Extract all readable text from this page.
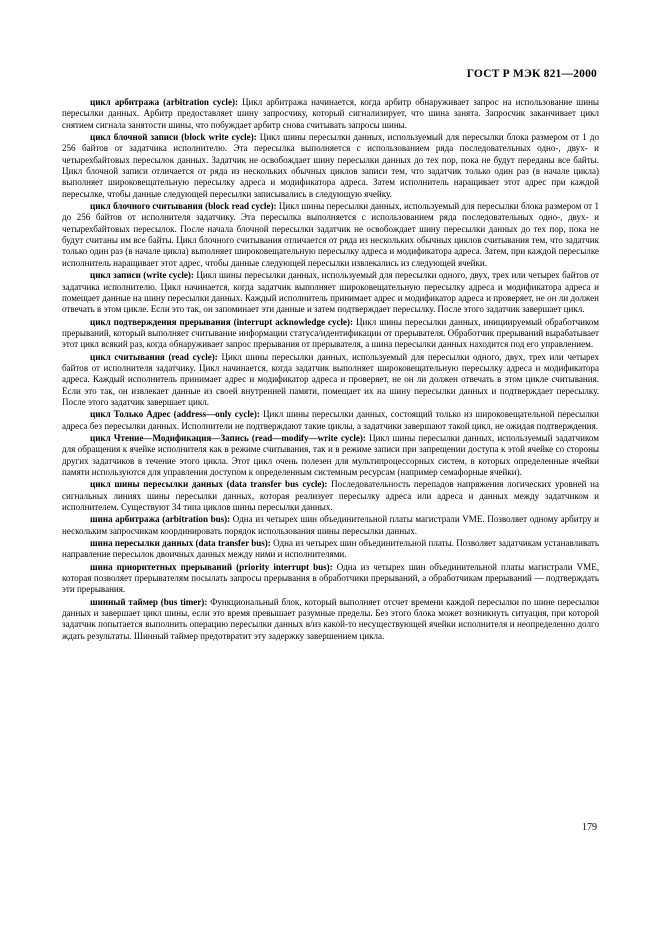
ГОСТ Р МЭК 821—2000

цикл арбитража (arbitration cycle): Цикл арбитража начинается, когда арбитр обнаруживает запрос на использование шины пересылки данных. Арбитр предоставляет шину запросчику, который сигнализирует, что шина занята. Запросчик заканчивает цикл снятием сигнала занятости шины, что побуждает арбитр снова считывать запросы шины.

цикл блочной записи (block write cycle): Цикл шины пересылки данных, используемый для пересылки блока размером от 1 до 256 байтов от задатчика исполнителю. Эта пересылка выполняется с использованием ряда последовательных одно-, двух- и четырехбайтовых пересылок данных. Задатчик не освобождает шину пересылки данных до тех пор, пока не будут переданы все байты. Цикл блочной записи отличается от ряда из нескольких обычных циклов записи тем, что задатчик только один раз (в начале цикла) выполняет широковещательную пересылку адреса и модификатора адреса. Затем исполнитель наращивает этот адрес при каждой пересылке, чтобы данные следующей пересылки записывались в следующую ячейку.

цикл блочного считывания (block read cycle): Цикл шины пересылки данных, используемый для пересылки блока размером от 1 до 256 байтов от исполнителя задатчику. Эта пересылка выполняется с использованием ряда последовательных одно-, двух- и четырехбайтовых пересылок. После начала блочной пересылки задатчик не освобождает шину пересылки данных до тех пор, пока не будут считаны им все байты. Цикл блочного считывания отличается от ряда из нескольких обычных циклов считывания тем, что задатчик только один раз (в начале цикла) выполняет широковещательную пересылку адреса и модификатора адреса. Затем, при каждой пересылке исполнитель наращивает этот адрес, чтобы данные следующей пересылки извлекались из следующей ячейки.

цикл записи (write cycle): Цикл шины пересылки данных, используемый для пересылки одного, двух, трех или четырех байтов от задатчика исполнителю. Цикл начинается, когда задатчик выполняет широковещательную пересылку адреса и модификатора адреса и помещает данные на шину пересылки данных. Каждый исполнитель принимает адрес и модификатор адреса и проверяет, не он ли должен отвечать в этом цикле. Если это так, он запоминает эти данные и затем подтверждает пересылку. После этого задатчик завершает цикл.

цикл подтверждения прерывания (interrupt acknowledge cycle): Цикл шины пересылки данных, инициируемый обработчиком прерываний, который выполняет считывание информации статуса/идентификации от прерывателя. Обработчик прерываний вырабатывает этот цикл всякий раз, когда обнаруживает запрос прерывания от прерывателя, а шина пересылки данных находится под его управлением.

цикл считывания (read cycle): Цикл шины пересылки данных, используемый для пересылки одного, двух, трех или четырех байтов от исполнителя задатчику. Цикл начинается, когда задатчик выполняет широковещательную пересылку адреса и модификатора адреса. Каждый исполнитель принимает адрес и модификатор адреса и проверяет, не он ли должен отвечать в этом цикле считывания. Если это так, он извлекает данные из своей внутренней памяти, помещает их на шину пересылки данных и подтверждает пересылку. После этого задатчик завершает цикл.

цикл Только Адрес (address—only cycle): Цикл шины пересылки данных, состоящий только из широковещательной пересылки адреса без пересылки данных. Исполнители не подтверждают такие циклы, а задатчики завершают такой цикл, не ожидая подтверждения.

цикл Чтение—Модификация—Запись (read—modify—write cycle): Цикл шины пересылки данных, используемый задатчиком для обращения к ячейке исполнителя как в режиме считывания, так и в режиме записи при запрещении доступа к этой ячейке со стороны других задатчиков в течение этого цикла. Этот цикл очень полезен для мультипроцессорных систем, в которых определенные ячейки памяти используются для управления доступом к определенным системным ресурсам (например семафорные ячейки).

цикл шины пересылки данных (data transfer bus cycle): Последовательность перепадов напряжения логических уровней на сигнальных линиях шины пересылки данных, которая реализует пересылку адреса или адреса и данных между задатчиком и исполнителем. Существуют 34 типа циклов шины пересылки данных.

шина арбитража (arbitration bus): Одна из четырех шин объединительной платы магистрали VME. Позволяет одному арбитру и нескольким запросчикам координировать порядок использования шины пересылки данных.

шина пересылки данных (data transfer bus): Одна из четырех шин объединительной платы. Позволяет задатчикам устанавливать направление пересылок двоичных данных между ними и исполнителями.

шина приоритетных прерываний (priority interrupt bus): Одна из четырех шин объединительной платы магистрали VME, которая позволяет прерывателям посылать запросы прерывания в обработчики прерываний, а обработчикам прерываний — подтверждать эти прерывания.

шинный таймер (bus timer): Функциональный блок, который выполняет отсчет времени каждой пересылки по шине пересылки данных и завершает цикл шины, если это время превышает разумные пределы. Без этого блока может возникнуть ситуация, при которой задатчик попытается выполнить операцию пересылки данных в/из какой-то несуществующей ячейки исполнителя и неопределенно долго ждать результаты. Шинный таймер предотвратит эту задержку завершением цикла.

179
